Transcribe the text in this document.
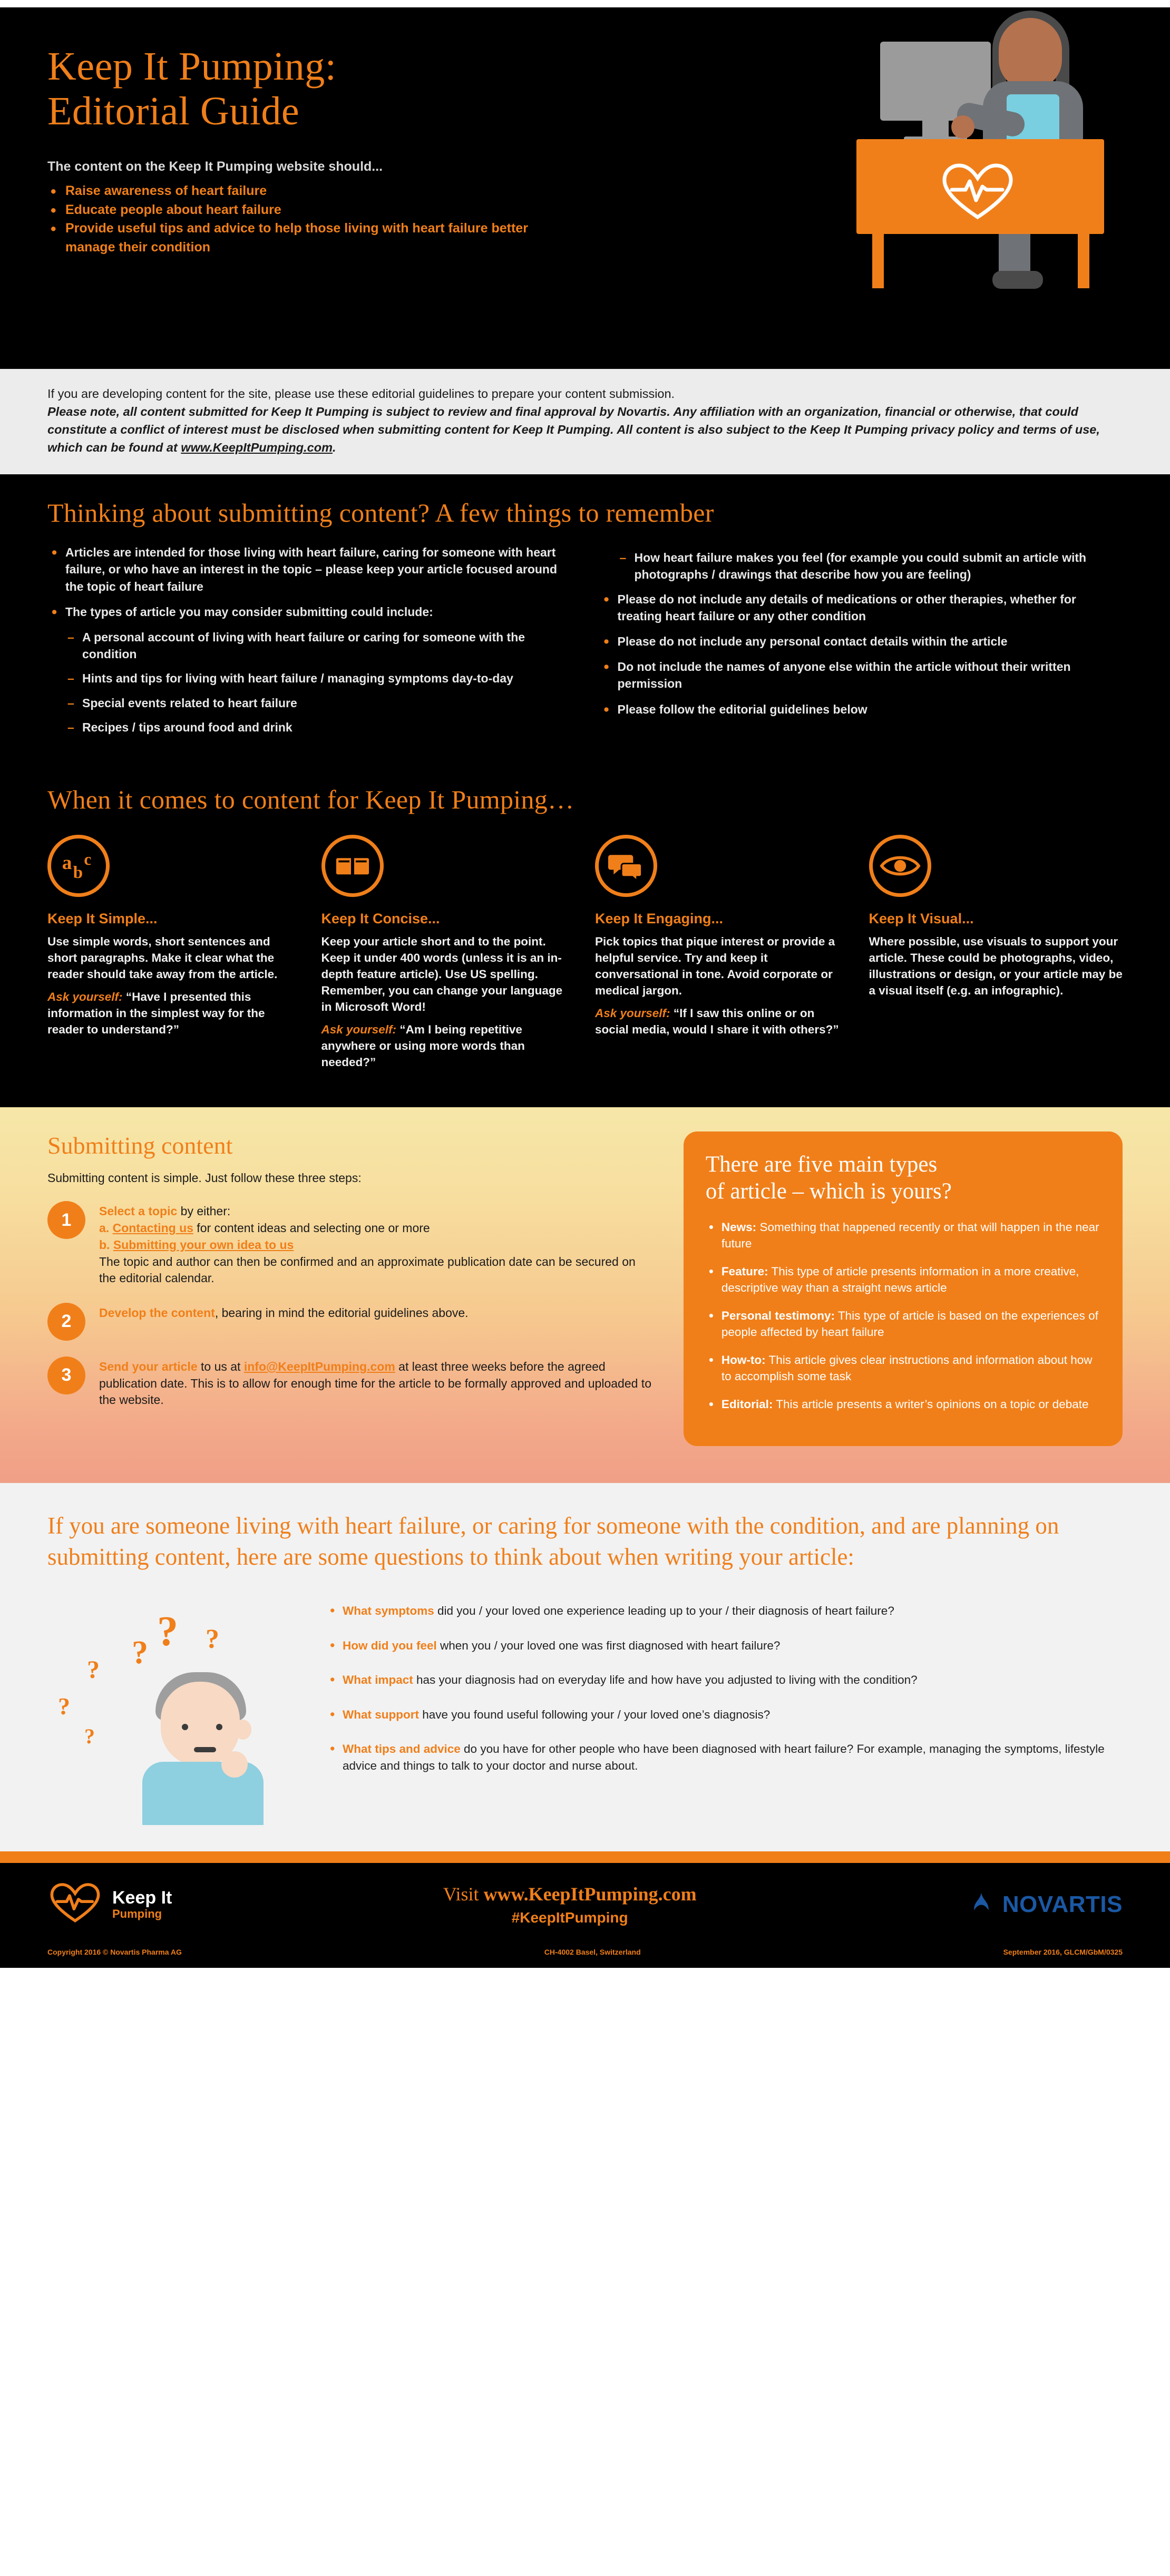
Keep It Pumping:
Editorial Guide
The content on the Keep It Pumping website should...
• Raise awareness of heart failure
• Educate people about heart failure
• Provide useful tips and advice to help those living with heart failure better manage their condition
If you are developing content for the site, please use these editorial guidelines to prepare your content submission.
Please note, all content submitted for Keep It Pumping is subject to review and final approval by Novartis. Any affiliation with an organization, financial or otherwise, that could constitute a conflict of interest must be disclosed when submitting content for Keep It Pumping. All content is also subject to the Keep It Pumping privacy policy and terms of use, which can be found at www.KeepItPumping.com.
Thinking about submitting content? A few things to remember
• Articles are intended for those living with heart failure, caring for someone with heart failure, or who have an interest in the topic – please keep your article focused around the topic of heart failure
• The types of article you may consider submitting could include:
– A personal account of living with heart failure or caring for someone with the condition
– Hints and tips for living with heart failure / managing symptoms day-to-day
– Special events related to heart failure
– Recipes / tips around food and drink
– How heart failure makes you feel (for example you could submit an article with photographs / drawings that describe how you are feeling)
• Please do not include any details of medications or other therapies, whether for treating heart failure or any other condition
• Please do not include any personal contact details within the article
• Do not include the names of anyone else within the article without their written permission
• Please follow the editorial guidelines below
When it comes to content for Keep It Pumping…
a b
c
Keep It Simple...
Use simple words, short sentences and short paragraphs. Make it clear what the reader should take away from the article.
Ask yourself: “Have I presented this information in the simplest way for the reader to understand?”
Keep It Concise...
Keep your article short and to the point. Keep it under 400 words (unless it is an in-depth feature article). Use US spelling. Remember, you can change your language in Microsoft Word!
Ask yourself: “Am I being repetitive anywhere or using more words than needed?”
Keep It Engaging...
Pick topics that pique interest or provide a helpful service. Try and keep it conversational in tone. Avoid corporate or medical jargon.
Ask yourself: “If I saw this online or on social media, would I share it with others?”
Keep It Visual...
Where possible, use visuals to support your article. These could be photographs, video, illustrations or design, or your article may be a visual itself (e.g. an infographic).
Submitting content
Submitting content is simple. Just follow these three steps:
1	Select a topic by either:
a. Contacting us for content ideas and selecting one or more
b. Submitting your own idea to us
The topic and author can then be confirmed and an approximate publication date can be secured on the editorial calendar.
2	Develop the content, bearing in mind the editorial guidelines above.
3	Send your article to us at info@KeepItPumping.com at least three weeks before the agreed publication date. This is to allow for enough time for the article to be formally approved and uploaded to the website.
There are five main types
of article – which is yours?
• News: Something that happened recently or that will happen in the near future
• Feature: This type of article presents information in a more creative, descriptive way than a straight news article
• Personal testimony: This type of article is based on the experiences of people affected by heart failure
• How-to: This article gives clear instructions and information about how to accomplish some task
• Editorial: This article presents a writer’s opinions on a topic or debate
If you are someone living with heart failure, or caring for someone with the condition, and are planning on submitting content, here are some questions to think about when writing your article:
?
?
? ?
?
?
• What symptoms did you / your loved one experience leading up to your / their diagnosis of heart failure?
• How did you feel when you / your loved one was first diagnosed with heart failure?
• What impact has your diagnosis had on everyday life and how have you adjusted to living with the condition?
• What support have you found useful following your / your loved one’s diagnosis?
• What tips and advice do you have for other people who have been diagnosed with heart failure? For example, managing the symptoms, lifestyle advice and things to talk to your doctor and nurse about.
Keep It
Pumping
Visit www.KeepItPumping.com
#KeepItPumping
NOVARTIS
Copyright 2016 © Novartis Pharma AG	CH-4002 Basel, Switzerland	September 2016, GLCM/GbM/0325
